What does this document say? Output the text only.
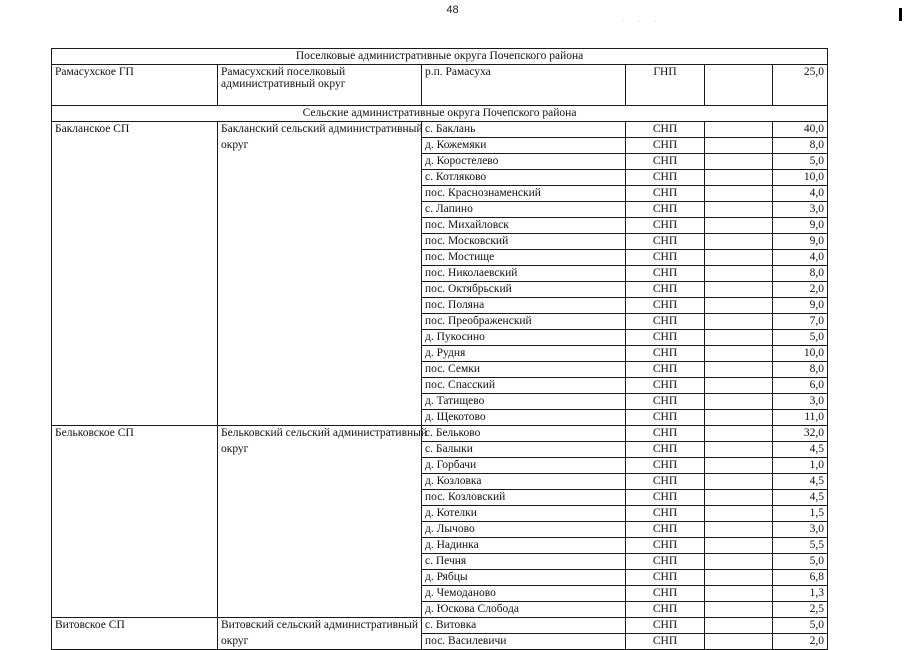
48
· · ·
Поселковые административные округа Почепского района					
Рамасухское ГП	Рамасухский поселковый административный округ	р.п. Рамасуха	ГНП		25,0
Сельские административные округа Почепского района					
Бакланское СП	Бакланский сельский административный	с. Баклань	СНП		40,0
	округ	д. Кожемяки	СНП		8,0
		д. Коростелево	СНП		5,0
		с. Котляково	СНП		10,0
		пос. Краснознаменский	СНП		4,0
		с. Лапино	СНП		3,0
		пос. Михайловск	СНП		9,0
		пос. Московский	СНП		9,0
		пос. Мостище	СНП		4,0
		пос. Николаевский	СНП		8,0
		пос. Октябрьский	СНП		2,0
		пос. Поляна	СНП		9,0
		пос. Преображенский	СНП		7,0
		д. Пукосино	СНП		5,0
		д. Рудня	СНП		10,0
		пос. Семки	СНП		8,0
		пос. Спасский	СНП		6,0
		д. Татищево	СНП		3,0
		д. Щекотово	СНП		11,0
Бельковское СП	Бельковский сельский административный	с. Бельково	СНП		32,0
	округ	с. Балыки	СНП		4,5
		д. Горбачи	СНП		1,0
		д. Козловка	СНП		4,5
		пос. Козловский	СНП		4,5
		д. Котелки	СНП		1,5
		д. Лычово	СНП		3,0
		д. Надинка	СНП		5,5
		с. Печня	СНП		5,0
		д. Рябцы	СНП		6,8
		д. Чемоданово	СНП		1,3
		д. Юскова Слобода	СНП		2,5
Витовское СП	Витовский сельский административный	с. Витовка	СНП		5,0
	округ	пос. Василевичи	СНП		2,0
